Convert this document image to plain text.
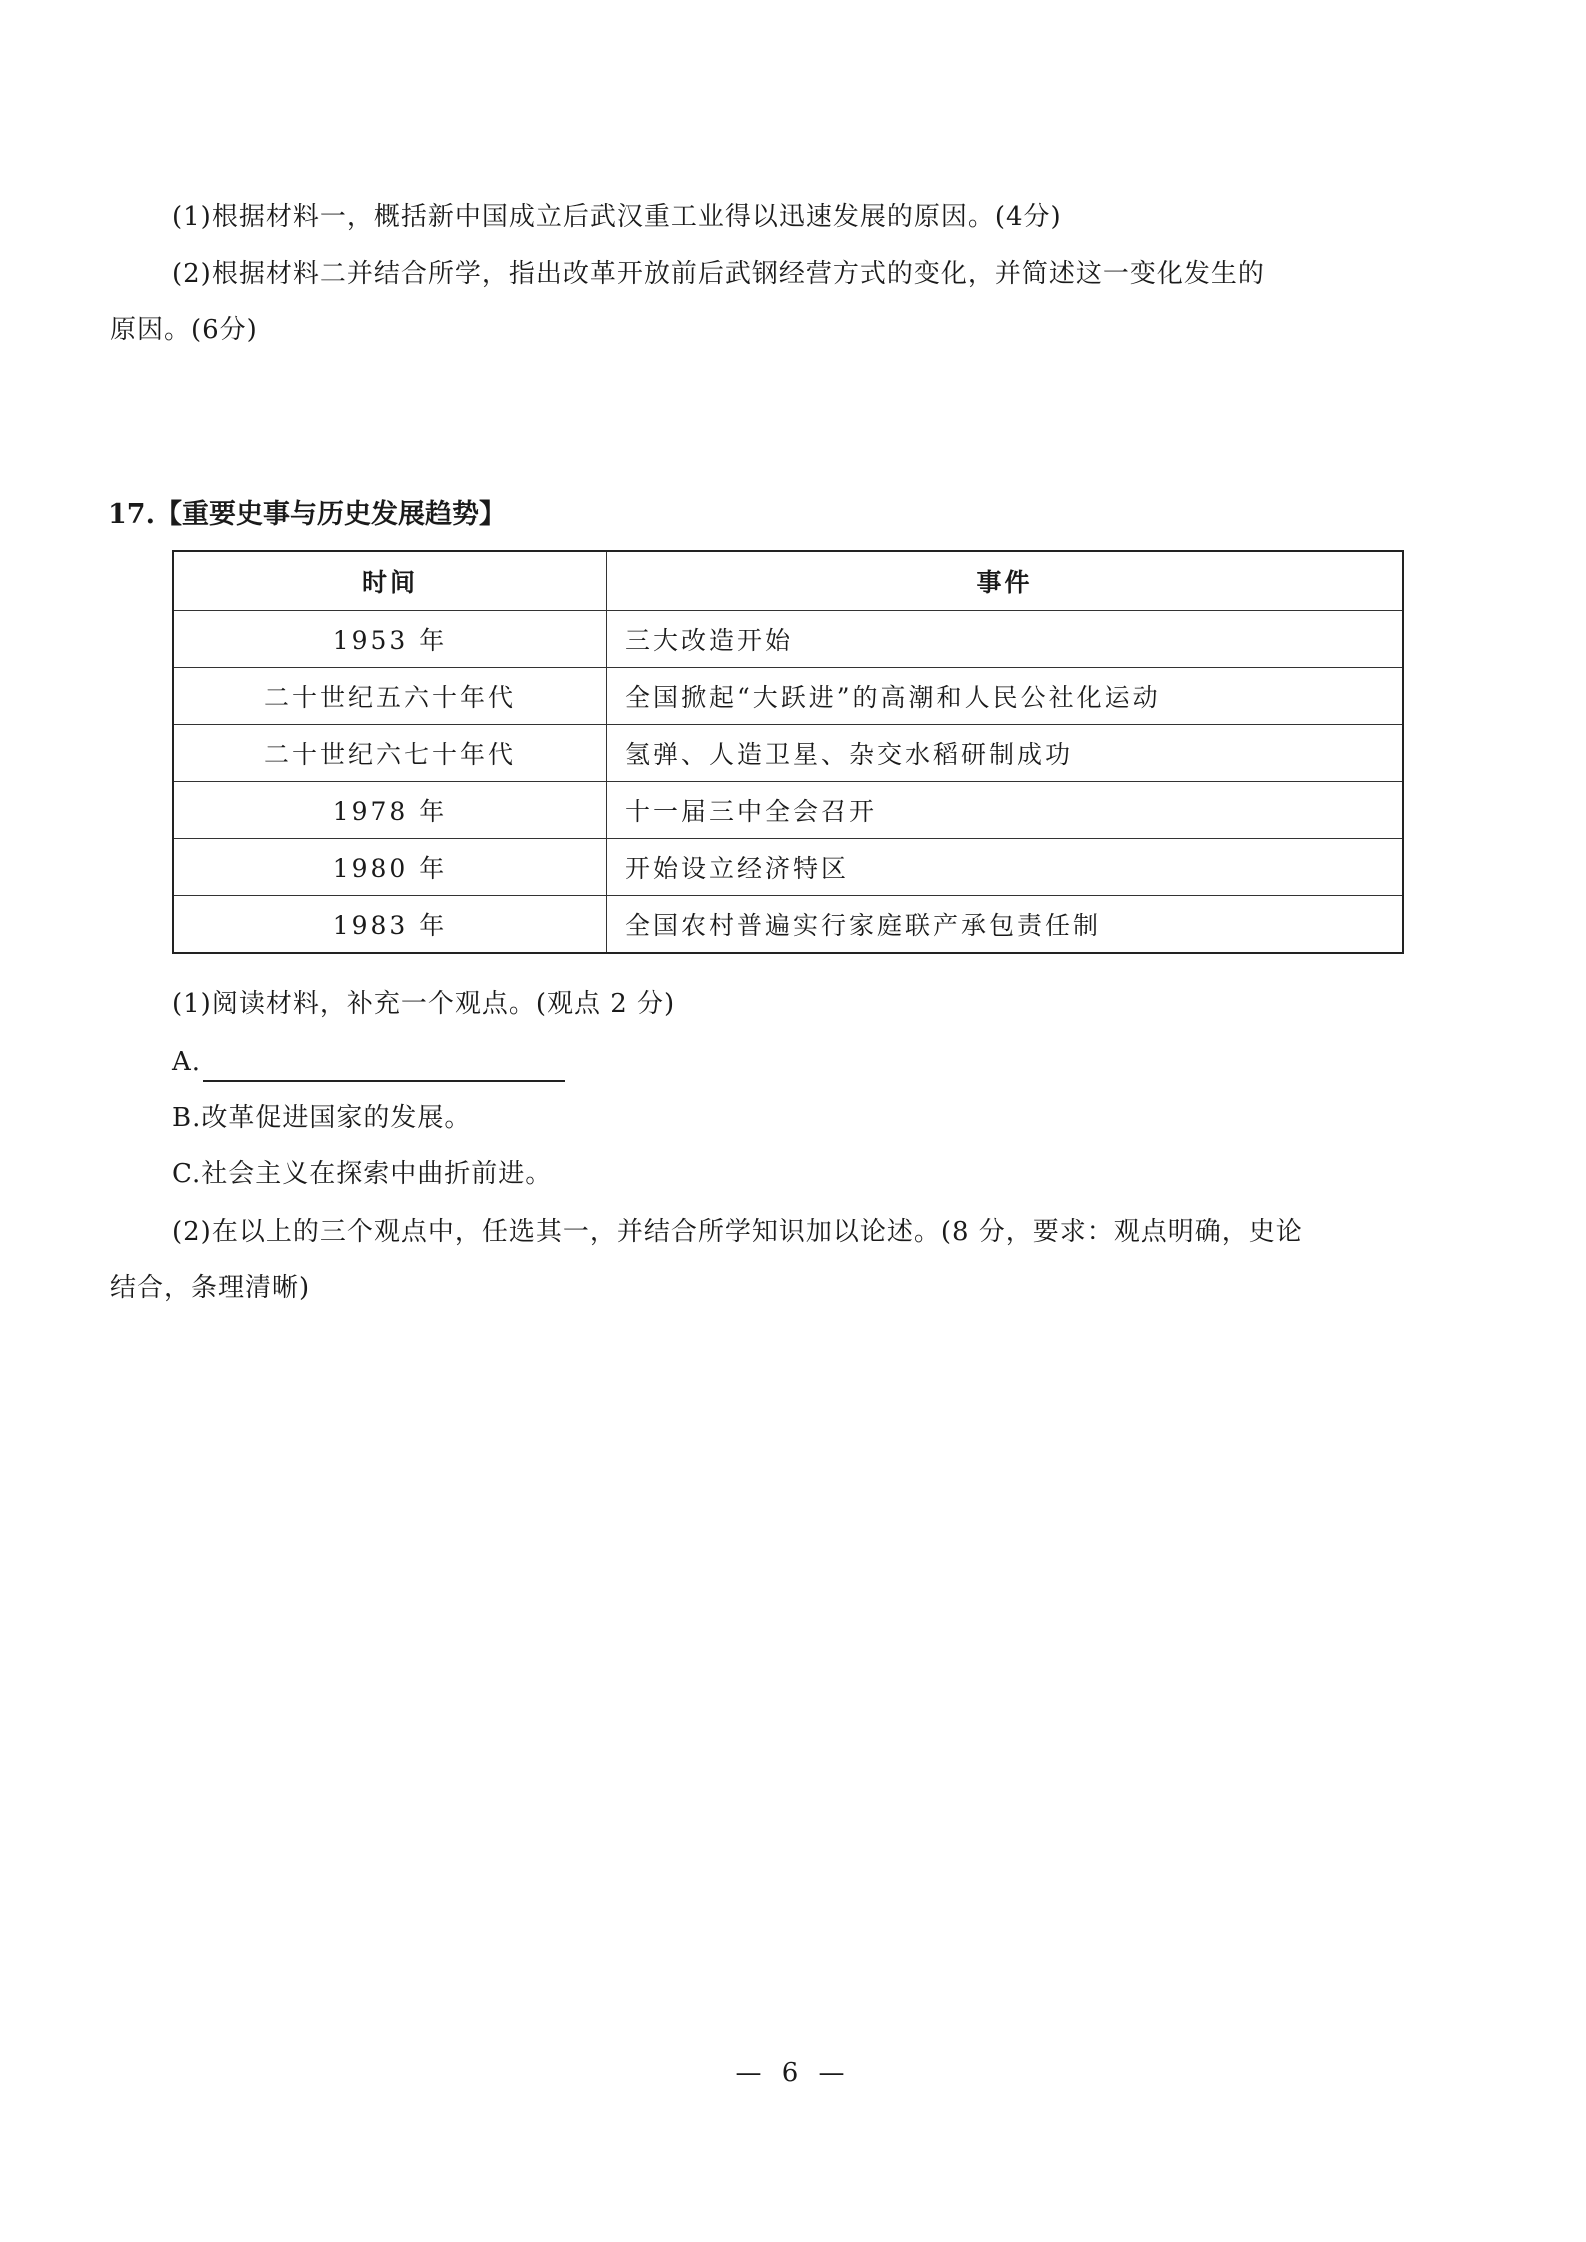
(1)根据材料一，概括新中国成立后武汉重工业得以迅速发展的原因。(4分)
(2)根据材料二并结合所学，指出改革开放前后武钢经营方式的变化，并简述这一变化发生的
原因。(6分)
17.【重要史事与历史发展趋势】
时间	事件
1953 年	三大改造开始
二十世纪五六十年代	全国掀起“大跃进”的高潮和人民公社化运动
二十世纪六七十年代	氢弹、人造卫星、杂交水稻研制成功
1978 年	十一届三中全会召开
1980 年	开始设立经济特区
1983 年	全国农村普遍实行家庭联产承包责任制
(1)阅读材料，补充一个观点。(观点 2 分)
A.
B.改革促进国家的发展。
C.社会主义在探索中曲折前进。
(2)在以上的三个观点中，任选其一，并结合所学知识加以论述。(8 分，要求：观点明确，史论
结合，条理清晰)
— 6 —
